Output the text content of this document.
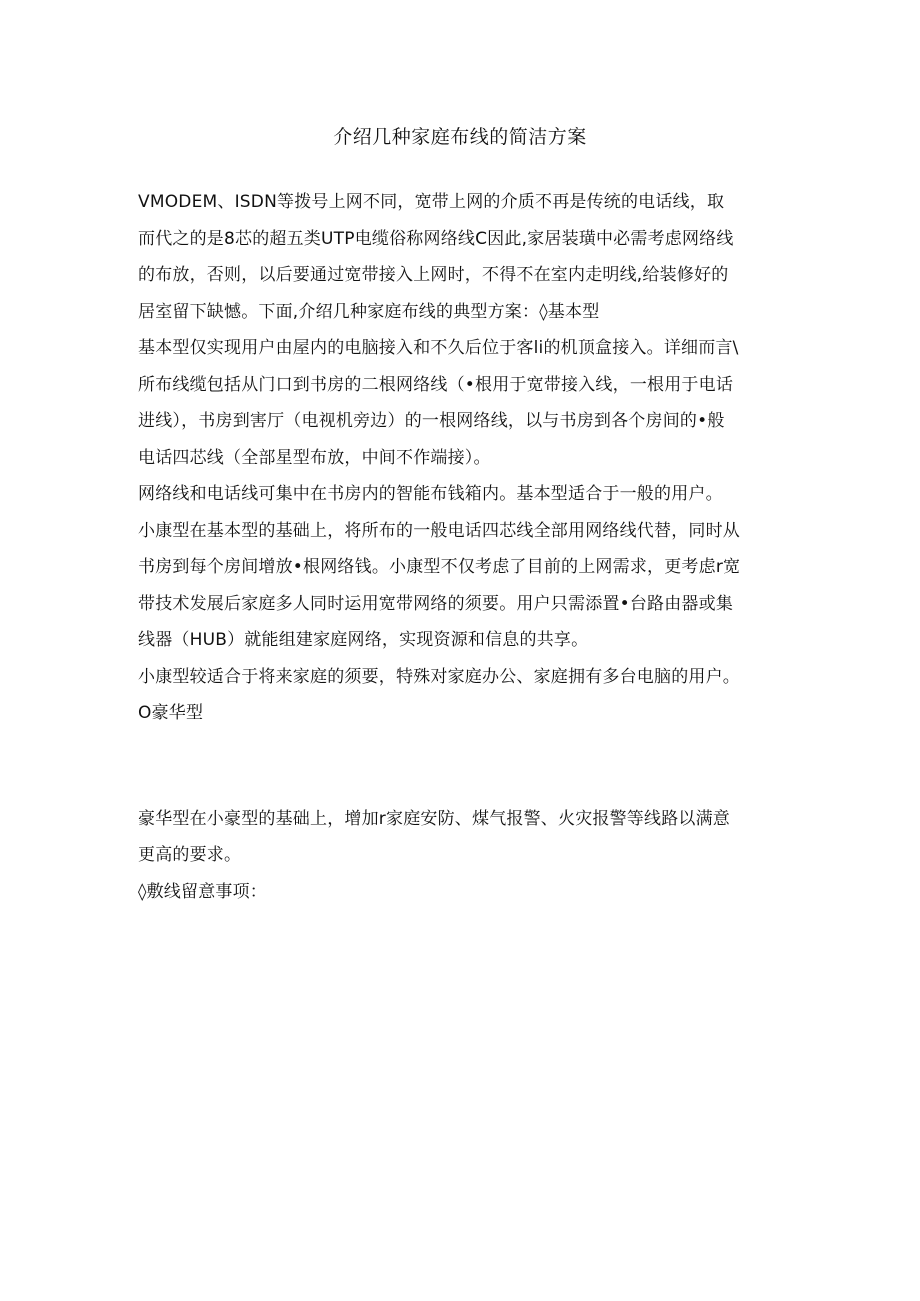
介绍几种家庭布线的简洁方案
VMODEM、ISDN等拨号上网不同，宽带上网的介质不再是传统的电话线，取
而代之的是8芯的超五类UTP电缆俗称网络线C因此,家居装璜中必需考虑网络线
的布放，否则，以后要通过宽带接入上网时，不得不在室内走明线,给装修好的
居室留下缺憾。下面,介绍几种家庭布线的典型方案：◊基本型
基本型仅实现用户由屋内的电脑接入和不久后位于客li的机顶盒接入。详细而言\
所布线缆包括从门口到书房的二根网络线（•根用于宽带接入线，一根用于电话
进线），书房到害厅（电视机旁边）的一根网络线，以与书房到各个房间的•般
电话四芯线（全部星型布放，中间不作端接）。
网络线和电话线可集中在书房内的智能布钱箱内。基本型适合于一般的用户。
小康型在基本型的基础上，将所布的一般电话四芯线全部用网络线代替，同时从
书房到每个房间增放•根网络钱。小康型不仅考虑了目前的上网需求，更考虑r宽
带技术发展后家庭多人同时运用宽带网络的须要。用户只需添置•台路由器或集
线器（HUB）就能组建家庭网络，实现资源和信息的共享。
小康型较适合于将来家庭的须要，特殊对家庭办公、家庭拥有多台电脑的用户。
O豪华型
豪华型在小豪型的基础上，增加r家庭安防、煤气报警、火灾报警等线路以满意
更高的要求。
◊敷线留意事项：
